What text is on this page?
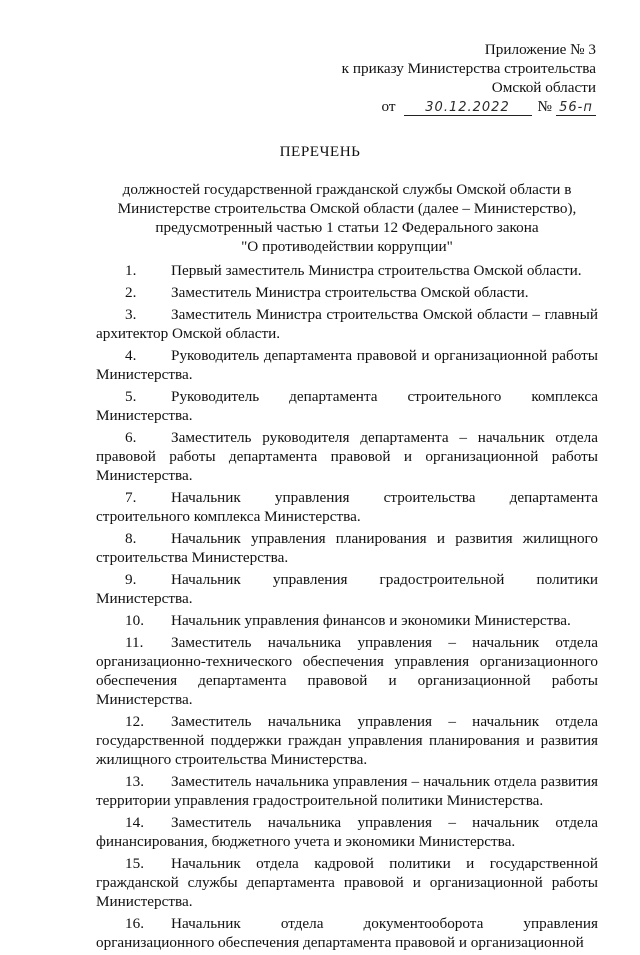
Приложение № 3
к приказу Министерства строительства
Омской области
от	30.12.2022	№ 56-п
ПЕРЕЧЕНЬ
должностей государственной гражданской службы Омской области в
Министерстве строительства Омской области (далее – Министерство),
предусмотренный частью 1 статьи 12 Федерального закона
"О противодействии коррупции"

1. Первый заместитель Министра строительства Омской области.

2. Заместитель Министра строительства Омской области.

3. Заместитель Министра строительства Омской области – главный архитектор Омской области.

4. Руководитель департамента правовой и организационной работы Министерства.

5. Руководитель департамента строительного комплекса Министерства.

6. Заместитель руководителя департамента – начальник отдела правовой работы департамента правовой и организационной работы Министерства.

7. Начальник управления строительства департамента строительного комплекса Министерства.

8. Начальник управления планирования и развития жилищного строительства Министерства.

9. Начальник управления градостроительной политики Министерства.

10. Начальник управления финансов и экономики Министерства.

11. Заместитель начальника управления – начальник отдела организационно-технического обеспечения управления организационного обеспечения департамента правовой и организационной работы Министерства.

12. Заместитель начальника управления – начальник отдела государственной поддержки граждан управления планирования и развития жилищного строительства Министерства.

13. Заместитель начальника управления – начальник отдела развития территории управления градостроительной политики Министерства.

14. Заместитель начальника управления – начальник отдела финансирования, бюджетного учета и экономики Министерства.

15. Начальник отдела кадровой политики и государственной гражданской службы департамента правовой и организационной работы Министерства.

16. Начальник отдела документооборота управления организационного обеспечения департамента правовой и организационной
